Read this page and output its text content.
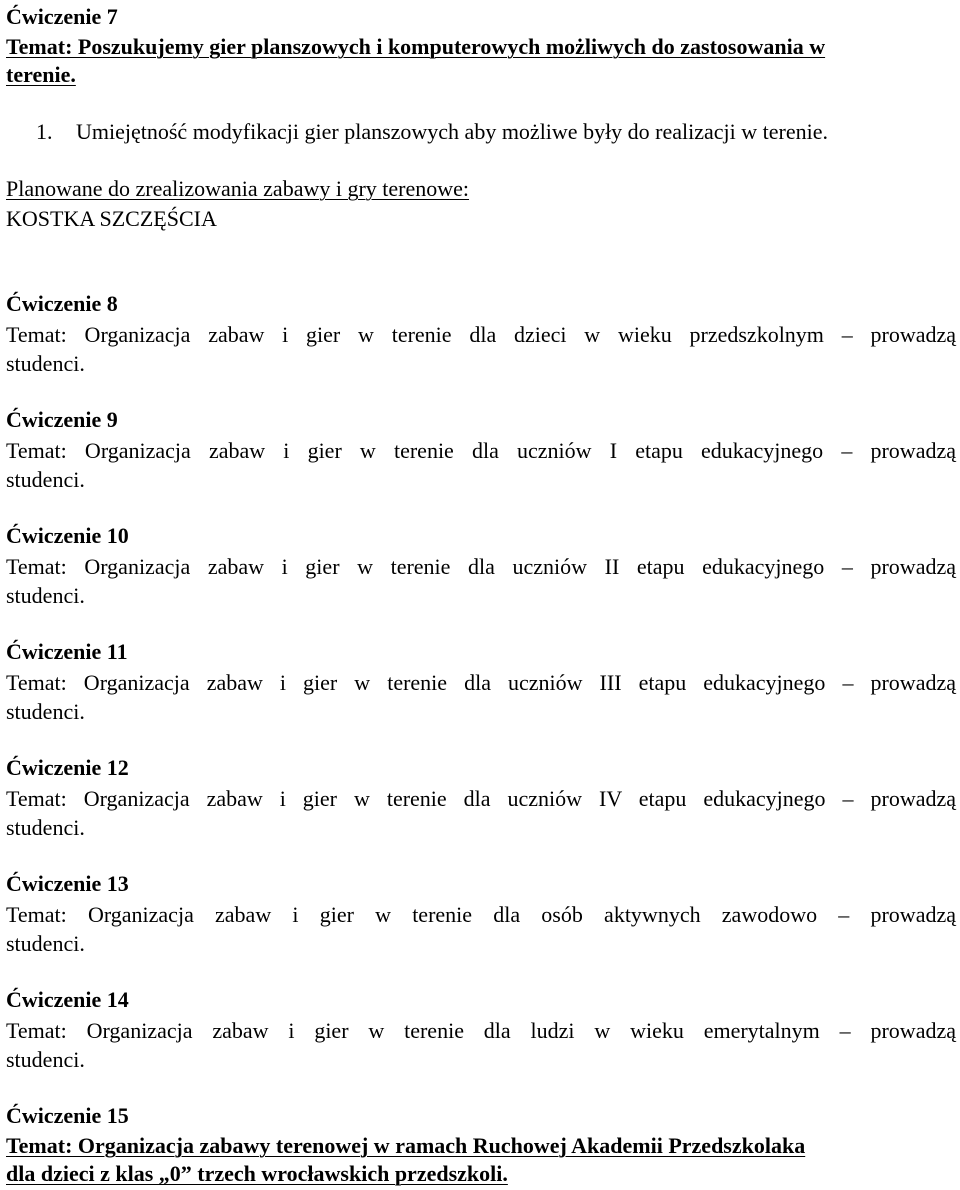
Ćwiczenie 7
Temat: Poszukujemy gier planszowych i komputerowych możliwych do zastosowania w
terenie.
1. Umiejętność modyfikacji gier planszowych aby możliwe były do realizacji w terenie.
Planowane do zrealizowania zabawy i gry terenowe:
KOSTKA SZCZĘŚCIA
Ćwiczenie 8
Temat: Organizacja zabaw i gier w terenie dla dzieci w wieku przedszkolnym – prowadzą
studenci.
Ćwiczenie 9
Temat: Organizacja zabaw i gier w terenie dla uczniów I etapu edukacyjnego – prowadzą
studenci.
Ćwiczenie 10
Temat: Organizacja zabaw i gier w terenie dla uczniów II etapu edukacyjnego – prowadzą
studenci.
Ćwiczenie 11
Temat: Organizacja zabaw i gier w terenie dla uczniów III etapu edukacyjnego – prowadzą
studenci.
Ćwiczenie 12
Temat: Organizacja zabaw i gier w terenie dla uczniów IV etapu edukacyjnego – prowadzą
studenci.
Ćwiczenie 13
Temat: Organizacja zabaw i gier w terenie dla osób aktywnych zawodowo – prowadzą
studenci.
Ćwiczenie 14
Temat: Organizacja zabaw i gier w terenie dla ludzi w wieku emerytalnym – prowadzą
studenci.
Ćwiczenie 15
Temat: Organizacja zabawy terenowej w ramach Ruchowej Akademii Przedszkolaka
dla dzieci z klas „0” trzech wrocławskich przedszkoli.
